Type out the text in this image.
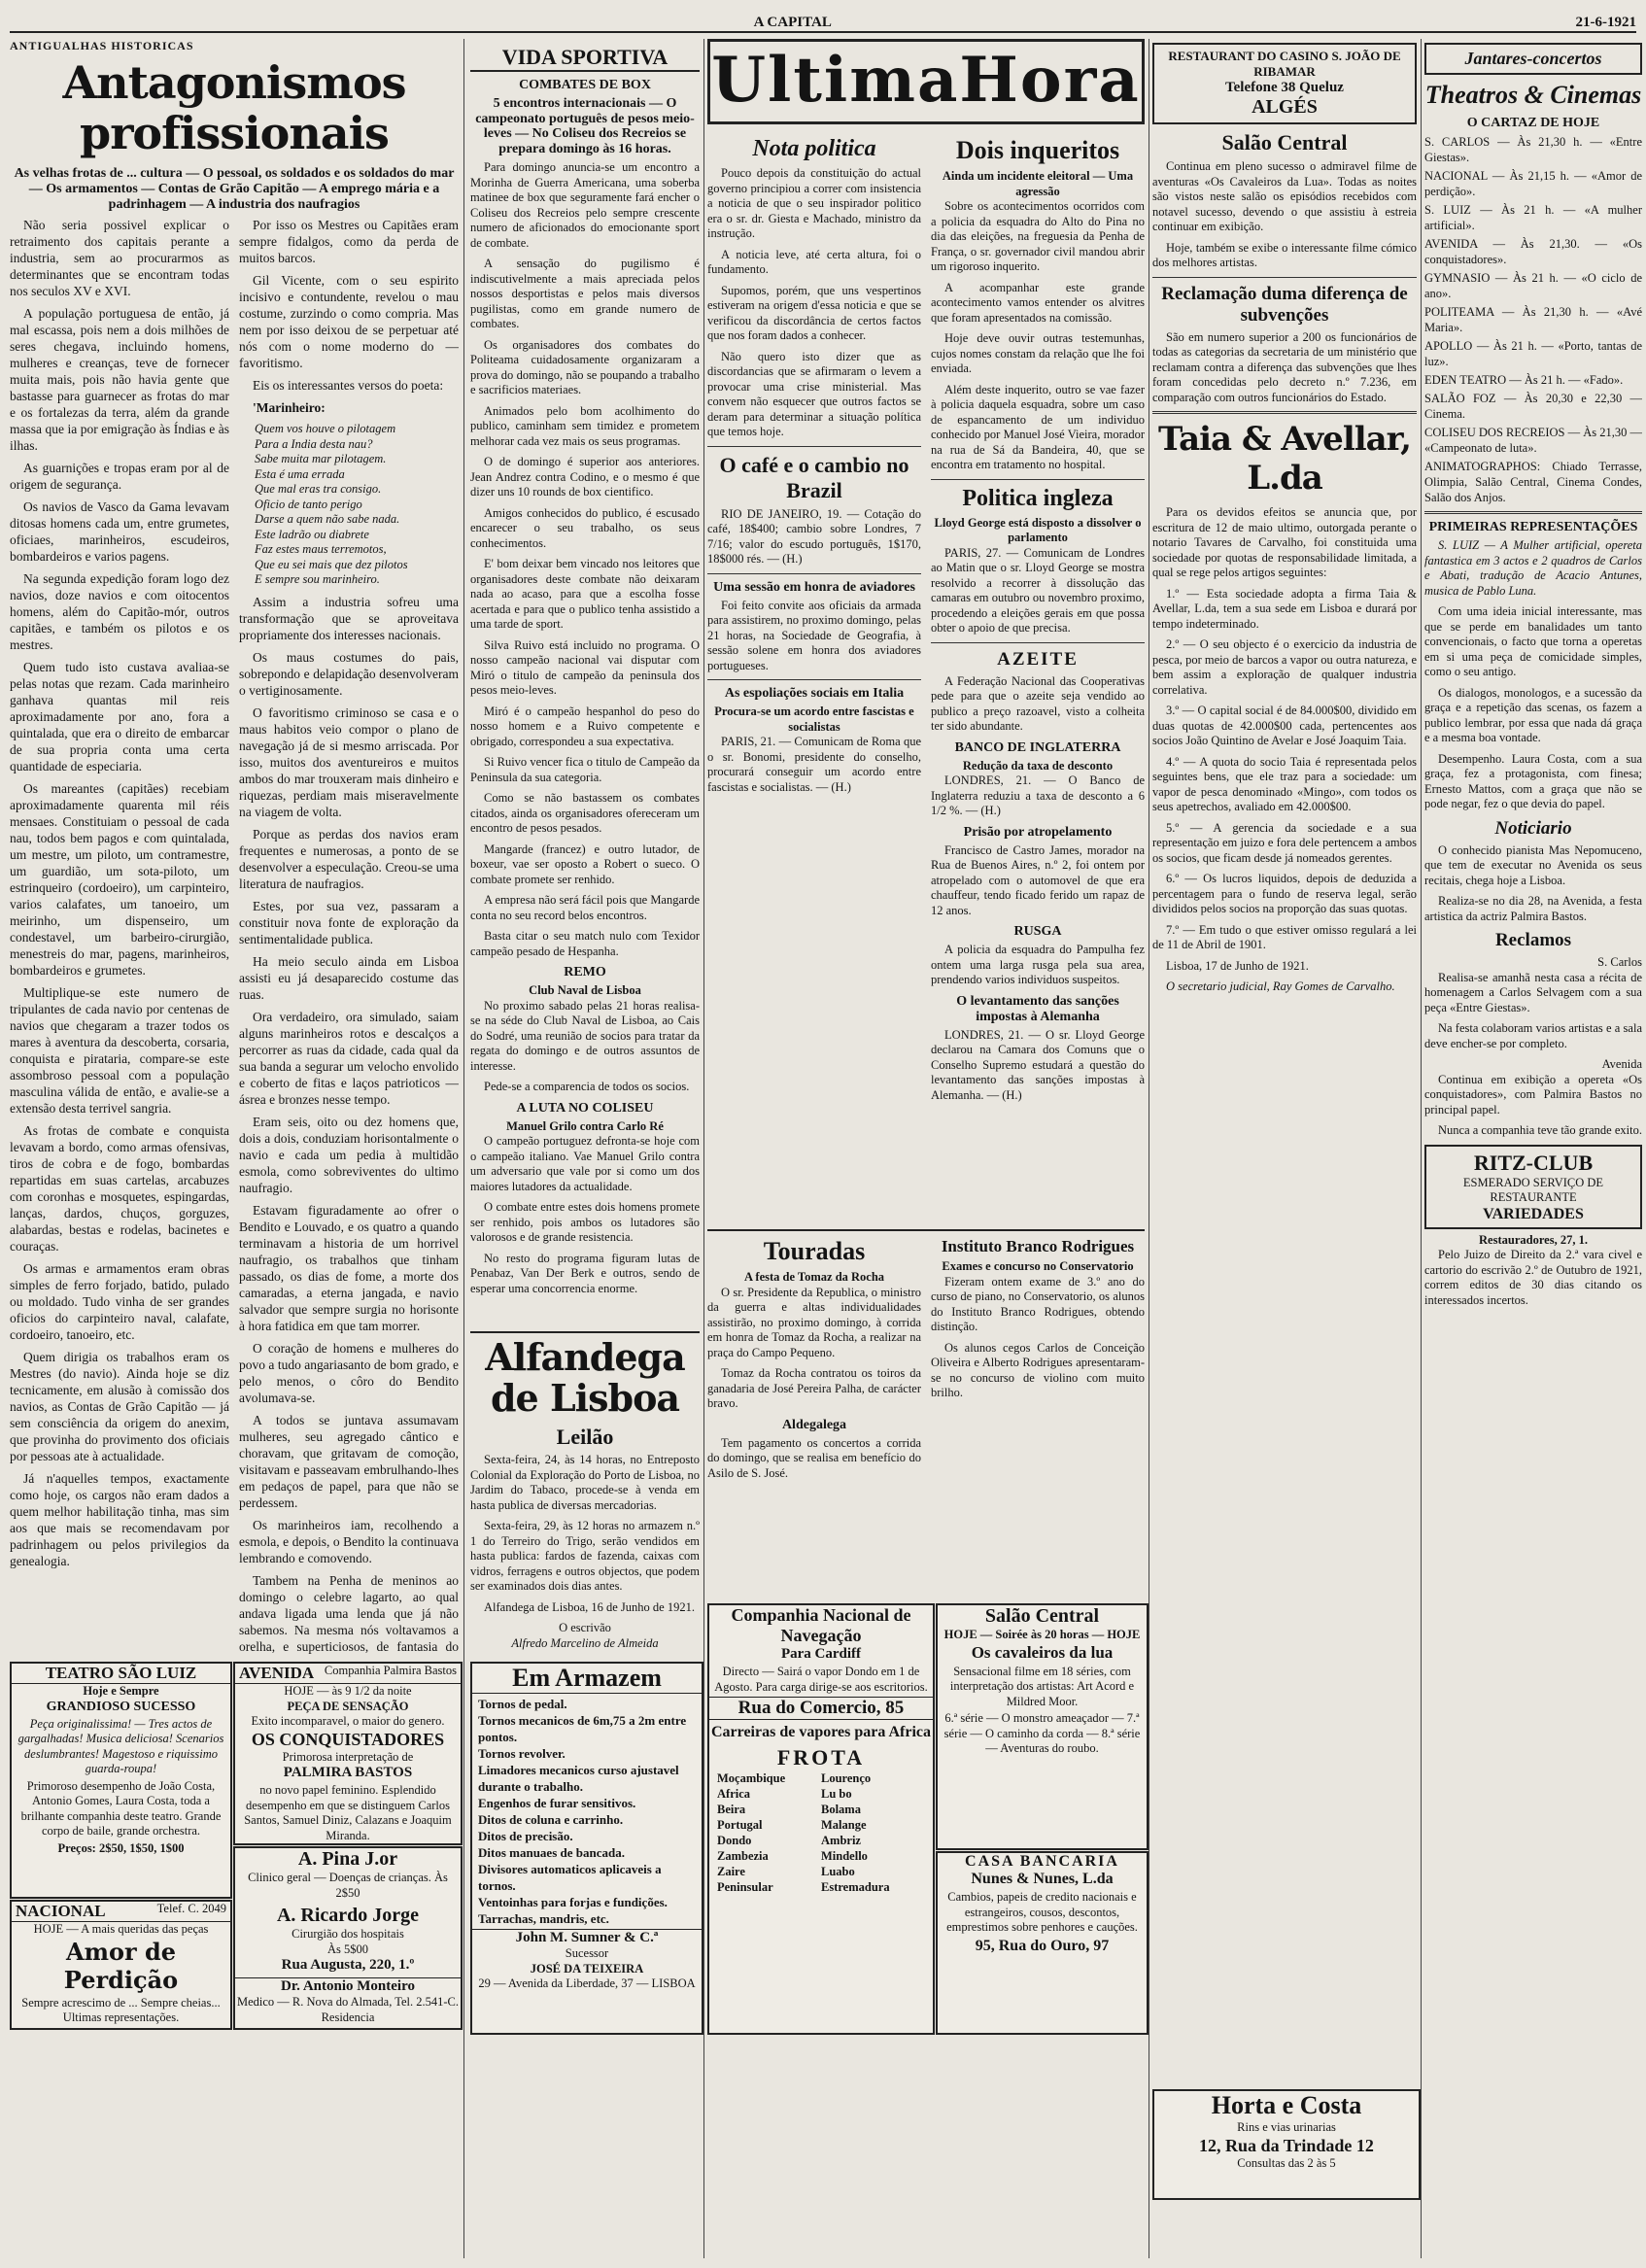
A CAPITAL	21-6-1921
ANTIGUALHAS HISTORICAS
Antagonismos profissionais

As velhas frotas de ... cultura — O pessoal, os soldados e os soldados do mar — Os armamentos — Contas de Grão Capitão — A emprego mária e a padrinhagem — A industria dos naufragios

Não seria possivel explicar o retraimento dos capitais perante a industria, sem ao procurarmos as determinantes que se encontram todas nos seculos XV e XVI.

A população portuguesa de então, já mal escassa, pois nem a dois milhões de seres chegava, incluindo homens, mulheres e creanças, teve de fornecer muita mais, pois não havia gente que bastasse para guarnecer as frotas do mar e os fortalezas da terra, além da grande massa que ia por emigração às Índias e às ilhas.

As guarnições e tropas eram por al de origem de segurança.

Os navios de Vasco da Gama levavam ditosas homens cada um, entre grumetes, oficiaes, marinheiros, escudeiros, bombardeiros e varios pagens.

Na segunda expedição foram logo dez navios, doze navios e com oitocentos homens, além do Capitão-mór, outros capitães, e também os pilotos e os mestres.

Quem tudo isto custava avaliaa-se pelas notas que rezam. Cada marinheiro ganhava quantas mil reis aproximadamente por ano, fora a quintalada, que era o direito de embarcar de sua propria conta uma certa quantidade de especiaria.

Os mareantes (capitães) recebiam aproximadamente quarenta mil réis mensaes. Constituiam o pessoal de cada nau, todos bem pagos e com quintalada, um mestre, um piloto, um contramestre, um guardião, um sota-piloto, um estrinqueiro (cordoeiro), um carpinteiro, varios calafates, um tanoeiro, um meirinho, um dispenseiro, um condestavel, um barbeiro-cirurgião, menestreis do mar, pagens, marinheiros, bombardeiros e grumetes.

Multiplique-se este numero de tripulantes de cada navio por centenas de navios que chegaram a trazer todos os mares à aventura da descoberta, corsaria, conquista e pirataria, compare-se este assombroso pessoal com a população masculina válida de então, e avalie-se a extensão desta terrivel sangria.

As frotas de combate e conquista levavam a bordo, como armas ofensivas, tiros de cobra e de fogo, bombardas repartidas em suas cartelas, arcabuzes com coronhas e mosquetes, espingardas, lanças, dardos, chuços, gorguzes, alabardas, bestas e rodelas, bacinetes e couraças.

Os armas e armamentos eram obras simples de ferro forjado, batido, pulado ou moldado. Tudo vinha de ser grandes oficios do carpinteiro naval, calafate, cordoeiro, tanoeiro, etc.

Quem dirigia os trabalhos eram os Mestres (do navio). Ainda hoje se diz tecnicamente, em alusão à comissão dos navios, as Contas de Grão Capitão — já sem consciência da origem do anexim, que provinha do provimento dos oficiais por pessoas ate à actualidade.

Já n'aquelles tempos, exactamente como hoje, os cargos não eram dados a quem melhor habilitação tinha, mas sim aos que mais se recomendavam por padrinhagem ou pelos privilegios da genealogia.

Por isso os Mestres ou Capitães eram sempre fidalgos, como da perda de muitos barcos.

Gil Vicente, com o seu espirito incisivo e contundente, revelou o mau costume, zurzindo o como compria. Mas nem por isso deixou de se perpetuar até nós com o nome moderno do — favoritismo.

Eis os interessantes versos do poeta:

'Marinheiro:

Quem vos houve o pilotagem
Para a India desta nau?
Sabe muita mar pilotagem.
Esta é uma errada
Que mal eras tra consigo.
Oficio de tanto perigo
Darse a quem não sabe nada.
Este ladrão ou diabrete
Faz estes maus terremotos,
Que eu sei mais que dez pilotos
E sempre sou marinheiro.

Assim a industria sofreu uma transformação que se aproveitava propriamente dos interesses nacionais.

Os maus costumes do pais, sobrepondo e delapidação desenvolveram o vertiginosamente.

O favoritismo criminoso se casa e o maus habitos veio compor o plano de navegação já de si mesmo arriscada. Por isso, muitos dos aventureiros e muitos ambos do mar trouxeram mais dinheiro e riquezas, perdiam mais miseravelmente na viagem de volta.

Porque as perdas dos navios eram frequentes e numerosas, a ponto de se desenvolver a especulação. Creou-se uma literatura de naufragios.

Estes, por sua vez, passaram a constituir nova fonte de exploração da sentimentalidade publica.

Ha meio seculo ainda em Lisboa assisti eu já desaparecido costume das ruas.

Ora verdadeiro, ora simulado, saiam alguns marinheiros rotos e descalços a percorrer as ruas da cidade, cada qual da sua banda a segurar um velocho envolido e coberto de fitas e laços patrioticos — ásrea e bronzes nesse tempo.

Eram seis, oito ou dez homens que, dois a dois, conduziam horisontalmente o navio e cada um pedia à multidão esmola, como sobreviventes do ultimo naufragio.

Estavam figuradamente ao ofrer o Bendito e Louvado, e os quatro a quando terminavam a historia de um horrivel naufragio, os trabalhos que tinham passado, os dias de fome, a morte dos camaradas, a eterna jangada, e navio salvador que sempre surgia no horisonte à hora fatidica em que tam morrer.

O coração de homens e mulheres do povo a tudo angariasanto de bom grado, e pelo menos, o côro do Bendito avolumava-se.

A todos se juntava assumavam mulheres, seu agregado cântico e choravam, que gritavam de comoção, visitavam e passeavam embrulhando-lhes em pedaços de papel, para que não se perdessem.

Os marinheiros iam, recolhendo a esmola, e depois, o Bendito la continuava lembrando e comovendo.

Tambem na Penha de meninos ao domingo o celebre lagarto, ao qual andava ligada uma lenda que já não sabemos. Na mesma nós voltavamos a orelha, e superticiosos, de fantasia do

VIDA SPORTIVA
COMBATES DE BOX

5 encontros internacionais — O campeonato português de pesos meio-leves — No Coliseu dos Recreios se prepara domingo às 16 horas.

Para domingo anuncia-se um encontro a Morinha de Guerra Americana, uma soberba matinee de box que seguramente fará encher o Coliseu dos Recreios pelo sempre crescente numero de aficionados do emocionante sport de combate.

A sensação do pugilismo é indiscutivelmente a mais apreciada pelos nossos desportistas e pelos mais diversos pugilistas, como em grande numero de combates.

Os organisadores dos combates do Politeama cuidadosamente organizaram a prova do domingo, não se poupando a trabalho e sacrificios materiaes.

Animados pelo bom acolhimento do publico, caminham sem timidez e prometem melhorar cada vez mais os seus programas.

O de domingo é superior aos anteriores. Jean Andrez contra Codino, e o mesmo é que dizer uns 10 rounds de box cientifico.

Amigos conhecidos do publico, é escusado encarecer o seu trabalho, os seus conhecimentos.

E' bom deixar bem vincado nos leitores que organisadores deste combate não deixaram nada ao acaso, para que a escolha fosse acertada e para que o publico tenha assistido a uma tarde de sport.

Silva Ruivo está incluido no programa. O nosso campeão nacional vai disputar com Miró o titulo de campeão da peninsula dos pesos meio-leves.

Miró é o campeão hespanhol do peso do nosso homem e a Ruivo competente e obrigado, correspondeu a sua expectativa.

Si Ruivo vencer fica o titulo de Campeão da Peninsula da sua categoria.

Como se não bastassem os combates citados, ainda os organisadores ofereceram um encontro de pesos pesados.

Mangarde (francez) e outro lutador, de boxeur, vae ser oposto a Robert o sueco. O combate promete ser renhido.

A empresa não será fácil pois que Mangarde conta no seu record belos encontros.

Basta citar o seu match nulo com Texidor campeão pesado de Hespanha.

REMO
Club Naval de Lisboa

No proximo sabado pelas 21 horas realisa-se na séde do Club Naval de Lisboa, ao Cais do Sodré, uma reunião de socios para tratar da regata do domingo e de outros assuntos de interesse.

Pede-se a comparencia de todos os socios.

A LUTA NO COLISEU
Manuel Grilo contra Carlo Ré

O campeão portuguez defronta-se hoje com o campeão italiano. Vae Manuel Grilo contra um adversario que vale por si como um dos maiores lutadores da actualidade.

O combate entre estes dois homens promete ser renhido, pois ambos os lutadores são valorosos e de grande resistencia.

No resto do programa figuram lutas de Penabaz, Van Der Berk e outros, sendo de esperar uma concorrencia enorme.

Alfandega
de Lisboa
Leilão

Sexta-feira, 24, às 14 horas, no Entreposto Colonial da Exploração do Porto de Lisboa, no Jardim do Tabaco, procede-se à venda em hasta publica de diversas mercadorias.

Sexta-feira, 29, às 12 horas no armazem n.º 1 do Terreiro do Trigo, serão vendidos em hasta publica: fardos de fazenda, caixas com vidros, ferragens e outros objectos, que podem ser examinados dois dias antes.

Alfandega de Lisboa, 16 de Junho de 1921.

O escrivão
Alfredo Marcelino de Almeida
UltimaHora
Nota politica

Pouco depois da constituição do actual governo principiou a correr com insistencia a noticia de que o seu inspirador politico era o sr. dr. Giesta e Machado, ministro da instrução.

A noticia leve, até certa altura, foi o fundamento.

Supomos, porém, que uns vespertinos estiveram na origem d'essa noticia e que se verificou da discordância de certos factos que nos foram dados a conhecer.

Não quero isto dizer que as discordancias que se afirmaram o levem a provocar uma crise ministerial. Mas convem não esquecer que outros factos se deram para determinar a situação política que temos hoje.

O café e o cambio no Brazil

RIO DE JANEIRO, 19. — Cotação do café, 18$400; cambio sobre Londres, 7 7/16; valor do escudo português, 1$170, 18$000 rés. — (H.)

Uma sessão em honra de aviadores

Foi feito convite aos oficiais da armada para assistirem, no proximo domingo, pelas 21 horas, na Sociedade de Geografia, à sessão solene em honra dos aviadores portugueses.

As espoliações sociais em Italia
Procura-se um acordo entre fascistas e socialistas

PARIS, 21. — Comunicam de Roma que o sr. Bonomi, presidente do conselho, procurará conseguir um acordo entre fascistas e socialistas. — (H.)

Dois inqueritos
Ainda um incidente eleitoral — Uma agressão

Sobre os acontecimentos ocorridos com a policia da esquadra do Alto do Pina no dia das eleições, na freguesia da Penha de França, o sr. governador civil mandou abrir um rigoroso inquerito.

A acompanhar este grande acontecimento vamos entender os alvitres que foram apresentados na comissão.

Hoje deve ouvir outras testemunhas, cujos nomes constam da relação que lhe foi enviada.

Além deste inquerito, outro se vae fazer à policia daquela esquadra, sobre um caso de espancamento de um individuo conhecido por Manuel José Vieira, morador na rua de Sá da Bandeira, 40, que se encontra em tratamento no hospital.

Politica ingleza
Lloyd George está disposto a dissolver o parlamento

PARIS, 27. — Comunicam de Londres ao Matin que o sr. Lloyd George se mostra resolvido a recorrer à dissolução das camaras em outubro ou novembro proximo, procedendo a eleições gerais em que possa obter o apoio de que precisa.

AZEITE

A Federação Nacional das Cooperativas pede para que o azeite seja vendido ao publico a preço razoavel, visto a colheita ter sido abundante.

BANCO DE INGLATERRA
Redução da taxa de desconto

LONDRES, 21. — O Banco de Inglaterra reduziu a taxa de desconto a 6 1/2 %. — (H.)

Prisão por atropelamento

Francisco de Castro James, morador na Rua de Buenos Aires, n.º 2, foi ontem por atropelado com o automovel de que era chauffeur, tendo ficado ferido um rapaz de 12 anos.

RUSGA

A policia da esquadra do Pampulha fez ontem uma larga rusga pela sua area, prendendo varios individuos suspeitos.

O levantamento das sanções impostas à Alemanha

LONDRES, 21. — O sr. Lloyd George declarou na Camara dos Comuns que o Conselho Supremo estudará a questão do levantamento das sanções impostas à Alemanha. — (H.)

Touradas
A festa de Tomaz da Rocha

O sr. Presidente da Republica, o ministro da guerra e altas individualidades assistirão, no proximo domingo, à corrida em honra de Tomaz da Rocha, a realizar na praça do Campo Pequeno.

Tomaz da Rocha contratou os toiros da ganadaria de José Pereira Palha, de carácter bravo.

Aldegalega

Tem pagamento os concertos a corrida do domingo, que se realisa em benefício do Asilo de S. José.

Instituto Branco Rodrigues
Exames e concurso no Conservatorio

Fizeram ontem exame de 3.º ano do curso de piano, no Conservatorio, os alunos do Instituto Branco Rodrigues, obtendo distinção.

Os alunos cegos Carlos de Conceição Oliveira e Alberto Rodrigues apresentaram-se no concurso de violino com muito brilho.

RESTAURANT DO CASINO S. JOÃO DE RIBAMAR
Telefone 38 Queluz
ALGÉS
Salão Central

Continua em pleno sucesso o admiravel filme de aventuras «Os Cavaleiros da Lua». Todas as noites são vistos neste salão os episódios recebidos com notavel sucesso, devendo o que assistiu à estreia continuar em exibição.

Hoje, também se exibe o interessante filme cómico dos melhores artistas.

Reclamação duma diferença de subvenções

São em numero superior a 200 os funcionários de todas as categorias da secretaria de um ministério que reclamam contra a diferença das subvenções que lhes foram concedidas pelo decreto n.º 7.236, em comparação com outros funcionários do Estado.

Taia & Avellar, L.da

Para os devidos efeitos se anuncia que, por escritura de 12 de maio ultimo, outorgada perante o notario Tavares de Carvalho, foi constituida uma sociedade por quotas de responsabilidade limitada, a qual se rege pelos artigos seguintes:

1.º — Esta sociedade adopta a firma Taia & Avellar, L.da, tem a sua sede em Lisboa e durará por tempo indeterminado.

2.º — O seu objecto é o exercicio da industria de pesca, por meio de barcos a vapor ou outra natureza, e bem assim a exploração de qualquer industria correlativa.

3.º — O capital social é de 84.000$00, dividido em duas quotas de 42.000$00 cada, pertencentes aos socios João Quintino de Avelar e José Joaquim Taia.

4.º — A quota do socio Taia é representada pelos seguintes bens, que ele traz para a sociedade: um vapor de pesca denominado «Mingo», com todos os seus apetrechos, avaliado em 42.000$00.

5.º — A gerencia da sociedade e a sua representação em juizo e fora dele pertencem a ambos os socios, que ficam desde já nomeados gerentes.

6.º — Os lucros liquidos, depois de deduzida a percentagem para o fundo de reserva legal, serão divididos pelos socios na proporção das suas quotas.

7.º — Em tudo o que estiver omisso regulará a lei de 11 de Abril de 1901.

Lisboa, 17 de Junho de 1921.

O secretario judicial, Ray Gomes de Carvalho.

Jantares-concertos
Theatros & Cinemas
O CARTAZ DE HOJE
S. CARLOS — Às 21,30 h. — «Entre Giestas».
NACIONAL — Às 21,15 h. — «Amor de perdição».
S. LUIZ — Às 21 h. — «A mulher artificial».
AVENIDA — Às 21,30. — «Os conquistadores».
GYMNASIO — Às 21 h. — «O ciclo de ano».
POLITEAMA — Às 21,30 h. — «Avé Maria».
APOLLO — Às 21 h. — «Porto, tantas de luz».
EDEN TEATRO — Às 21 h. — «Fado».
SALÃO FOZ — Às 20,30 e 22,30 — Cinema.
COLISEU DOS RECREIOS — Às 21,30 — «Campeonato de luta».
ANIMATOGRAPHOS: Chiado Terrasse, Olimpia, Salão Central, Cinema Condes, Salão dos Anjos.
PRIMEIRAS REPRESENTAÇÕES

S. LUIZ — A Mulher artificial, opereta fantastica em 3 actos e 2 quadros de Carlos e Abati, tradução de Acacio Antunes, musica de Pablo Luna.

Com uma ideia inicial interessante, mas que se perde em banalidades um tanto convencionais, o facto que torna a operetas em si uma peça de comicidade simples, como o seu antigo.

Os dialogos, monologos, e a sucessão da graça e a repetição das scenas, os fazem a publico lembrar, por essa que nada dá graça e a mesma boa vontade.

Desempenho. Laura Costa, com a sua graça, fez a protagonista, com finesa; Ernesto Mattos, com a graça que não se pode negar, fez o que devia do papel.

Noticiario

O conhecido pianista Mas Nepomuceno, que tem de executar no Avenida os seus recitais, chega hoje a Lisboa.

Realiza-se no dia 28, na Avenida, a festa artistica da actriz Palmira Bastos.

Reclamos
S. Carlos

Realisa-se amanhã nesta casa a récita de homenagem a Carlos Selvagem com a sua peça «Entre Giestas».

Na festa colaboram varios artistas e a sala deve encher-se por completo.

Avenida

Continua em exibição a opereta «Os conquistadores», com Palmira Bastos no principal papel.

Nunca a companhia teve tão grande exito.

RITZ-CLUB
ESMERADO SERVIÇO DE RESTAURANTE
VARIEDADES
Restauradores, 27, 1.

Pelo Juizo de Direito da 2.ª vara civel e cartorio do escrivão 2.º de Outubro de 1921, correm editos de 30 dias citando os interessados incertos.

TEATRO SÃO LUIZ
Hoje e Sempre
GRANDIOSO SUCESSO

Peça originalissima! — Tres actos de gargalhadas! Musica deliciosa! Scenarios deslumbrantes! Magestoso e riquissimo guarda-roupa!

Primoroso desempenho de João Costa, Antonio Gomes, Laura Costa, toda a brilhante companhia deste teatro. Grande corpo de baile, grande orchestra.

Preços: 2$50, 1$50, 1$00
NACIONAL	Telef. C. 2049
HOJE — A mais queridas das peças
Amor de Perdição

Sempre acrescimo de ... Sempre cheias... Ultimas representações.

AVENIDA Companhia Palmira Bastos
HOJE — às 9 1/2 da noite
PEÇA DE SENSAÇÃO
Exito incomparavel, o maior do genero.
OS CONQUISTADORES
Primorosa interpretação de
PALMIRA BASTOS

no novo papel feminino. Esplendido desempenho em que se distinguem Carlos Santos, Samuel Diniz, Calazans e Joaquim Miranda.

A. Pina J.or
Clinico geral — Doenças de crianças. Às 2$50
A. Ricardo Jorge
Cirurgião dos hospitais
Às 5$00
Rua Augusta, 220, 1.º
Dr. Antonio Monteiro
Medico — R. Nova do Almada, Tel. 2.541-C. Residencia
Em Armazem
Tornos de pedal.
Tornos mecanicos de 6m,75 a 2m entre pontos.
Tornos revolver.
Limadores mecanicos curso ajustavel durante o trabalho.
Engenhos de furar sensitivos.
Ditos de coluna e carrinho.
Ditos de precisão.
Ditos manuaes de bancada.
Divisores automaticos aplicaveis a tornos.
Ventoinhas para forjas e fundições.
Tarrachas, mandris, etc.
John M. Sumner & C.ª
Sucessor
JOSÉ DA TEIXEIRA
29 — Avenida da Liberdade, 37 — LISBOA
Companhia Nacional de Navegação
Para Cardiff

Directo — Sairá o vapor Dondo em 1 de Agosto. Para carga dirige-se aos escritorios.

Rua do Comercio, 85
Carreiras de vapores para Africa
FROTA
Moçambique
Africa
Beira
Portugal
Dondo
Zambezia
Zaire
Peninsular
Lourenço
Lu bo
Bolama
Malange
Ambriz
Mindello
Luabo
Estremadura
Salão Central
HOJE — Soirée às 20 horas — HOJE
Os cavaleiros da lua

Sensacional filme em 18 séries, com interpretação dos artistas: Art Acord e Mildred Moor.

6.ª série — O monstro ameaçador — 7.ª série — O caminho da corda — 8.ª série — Aventuras do roubo.

CASA BANCARIA
Nunes & Nunes, L.da

Cambios, papeis de credito nacionais e estrangeiros, cousos, descontos, emprestimos sobre penhores e cauções.

95, Rua do Ouro, 97
Horta e Costa
Rins e vias urinarias
12, Rua da Trindade 12
Consultas das 2 às 5
